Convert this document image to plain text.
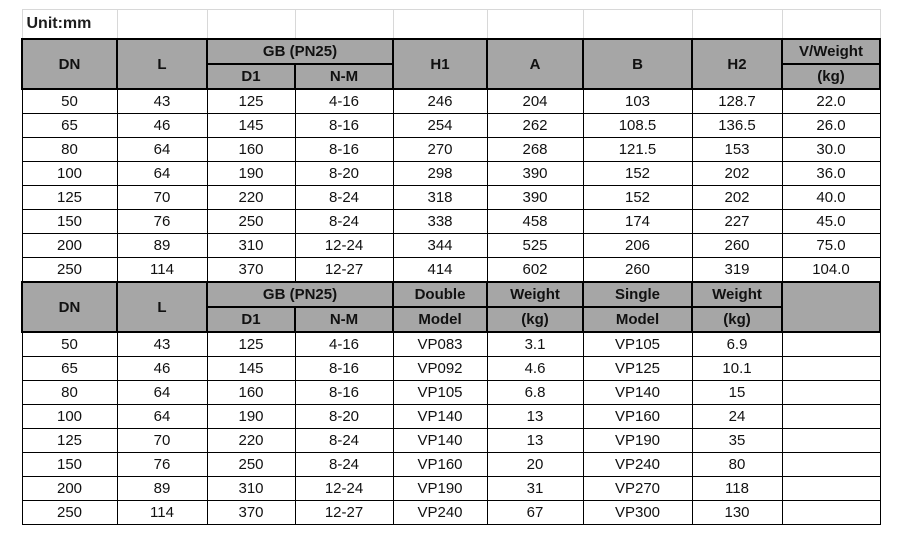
Unit:mm								
DN	L	GB (PN25)		H1	A	B	H2	V/Weight
		D1	N-M					(kg)
50	43	125	4-16	246	204	103	128.7	22.0
65	46	145	8-16	254	262	108.5	136.5	26.0
80	64	160	8-16	270	268	121.5	153	30.0
100	64	190	8-20	298	390	152	202	36.0
125	70	220	8-24	318	390	152	202	40.0
150	76	250	8-24	338	458	174	227	45.0
200	89	310	12-24	344	525	206	260	75.0
250	114	370	12-27	414	602	260	319	104.0
DN	L	GB (PN25)		Double	Weight	Single	Weight	
		D1	N-M	Model	(kg)	Model	(kg)	
50	43	125	4-16	VP083	3.1	VP105	6.9	
65	46	145	8-16	VP092	4.6	VP125	10.1	
80	64	160	8-16	VP105	6.8	VP140	15	
100	64	190	8-20	VP140	13	VP160	24	
125	70	220	8-24	VP140	13	VP190	35	
150	76	250	8-24	VP160	20	VP240	80	
200	89	310	12-24	VP190	31	VP270	118	
250	114	370	12-27	VP240	67	VP300	130	
